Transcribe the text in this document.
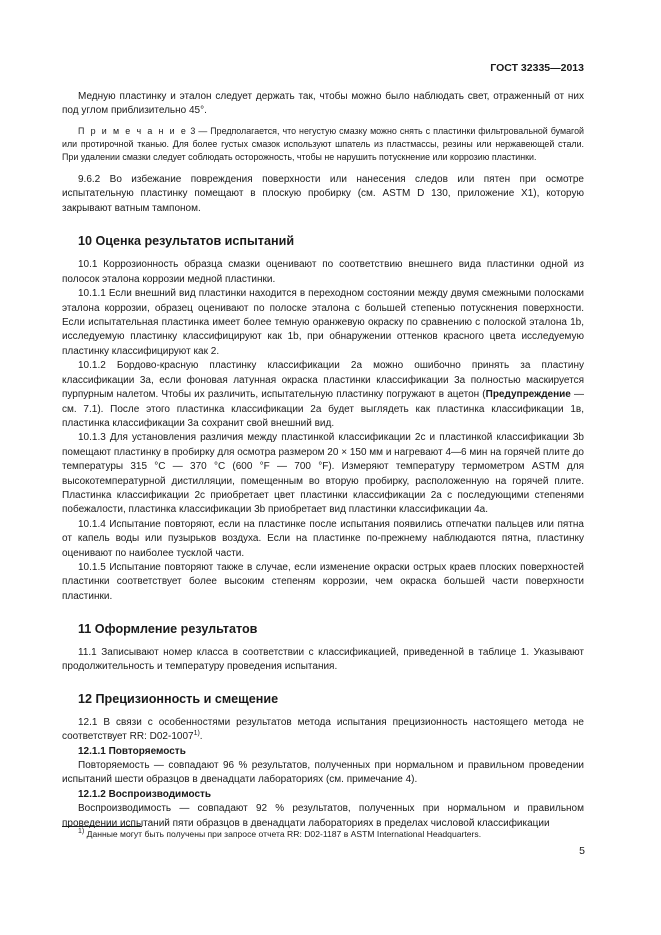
ГОСТ 32335—2013

Медную пластинку и эталон следует держать так, чтобы можно было наблюдать свет, отраженный от них под углом приблизительно 45°.

П р и м е ч а н и е 3 — Предполагается, что негустую смазку можно снять с пластинки фильтровальной бумагой или протирочной тканью. Для более густых смазок используют шпатель из пластмассы, резины или нержавеющей стали. При удалении смазки следует соблюдать осторожность, чтобы не нарушить потускнение или коррозию пластинки.

9.6.2 Во избежание повреждения поверхности или нанесения следов или пятен при осмотре испытательную пластинку помещают в плоскую пробирку (см. ASTM D 130, приложение X1), которую закрывают ватным тампоном.

10 Оценка результатов испытаний

10.1 Коррозионность образца смазки оценивают по соответствию внешнего вида пластинки одной из полосок эталона коррозии медной пластинки.

10.1.1 Если внешний вид пластинки находится в переходном состоянии между двумя смежными полосками эталона коррозии, образец оценивают по полоске эталона с большей степенью потускнения поверхности. Если испытательная пластинка имеет более темную оранжевую окраску по сравнению с полоской эталона 1b, исследуемую пластинку классифицируют как 1b, при обнаружении оттенков красного цвета исследуемую пластинку классифицируют как 2.

10.1.2 Бордово-красную пластинку классификации 2а можно ошибочно принять за пластину классификации 3а, если фоновая латунная окраска пластинки классификации 3а полностью маскируется пурпурным налетом. Чтобы их различить, испытательную пластинку погружают в ацетон (Предупреждение — см. 7.1). После этого пластинка классификации 2а будет выглядеть как пластинка классификации 1в, пластинка классификации 3а сохранит свой внешний вид.

10.1.3 Для установления различия между пластинкой классификации 2с и пластинкой классификации 3b помещают пластинку в пробирку для осмотра размером 20 × 150 мм и нагревают 4—6 мин на горячей плите до температуры 315 °С — 370 °С (600 °F — 700 °F). Измеряют температуру термометром ASTM для высокотемпературной дистилляции, помещенным во вторую пробирку, расположенную на горячей плите. Пластинка классификации 2с приобретает цвет пластинки классификации 2а с последующими степенями побежалости, пластинка классификации 3b приобретает вид пластинки классификации 4а.

10.1.4 Испытание повторяют, если на пластинке после испытания появились отпечатки пальцев или пятна от капель воды или пузырьков воздуха. Если на пластинке по-прежнему наблюдаются пятна, пластинку оценивают по наиболее тусклой части.

10.1.5 Испытание повторяют также в случае, если изменение окраски острых краев плоских поверхностей пластинки соответствует более высоким степеням коррозии, чем окраска большей части поверхности пластинки.

11 Оформление результатов

11.1 Записывают номер класса в соответствии с классификацией, приведенной в таблице 1. Указывают продолжительность и температуру проведения испытания.

12 Прецизионность и смещение

12.1 В связи с особенностями результатов метода испытания прецизионность настоящего метода не соответствует RR: D02-1007$^{1)}$.

12.1.1 Повторяемость

Повторяемость — совпадают 96 % результатов, полученных при нормальном и правильном проведении испытаний шести образцов в двенадцати лабораториях (см. примечание 4).

12.1.2 Воспроизводимость

Воспроизводимость — совпадают 92 % результатов, полученных при нормальном и правильном проведении испытаний пяти образцов в двенадцати лабораториях в пределах числовой классификации

$^{1)}$ Данные могут быть получены при запросе отчета RR: D02-1187 в ASTM International Headquarters.
5
